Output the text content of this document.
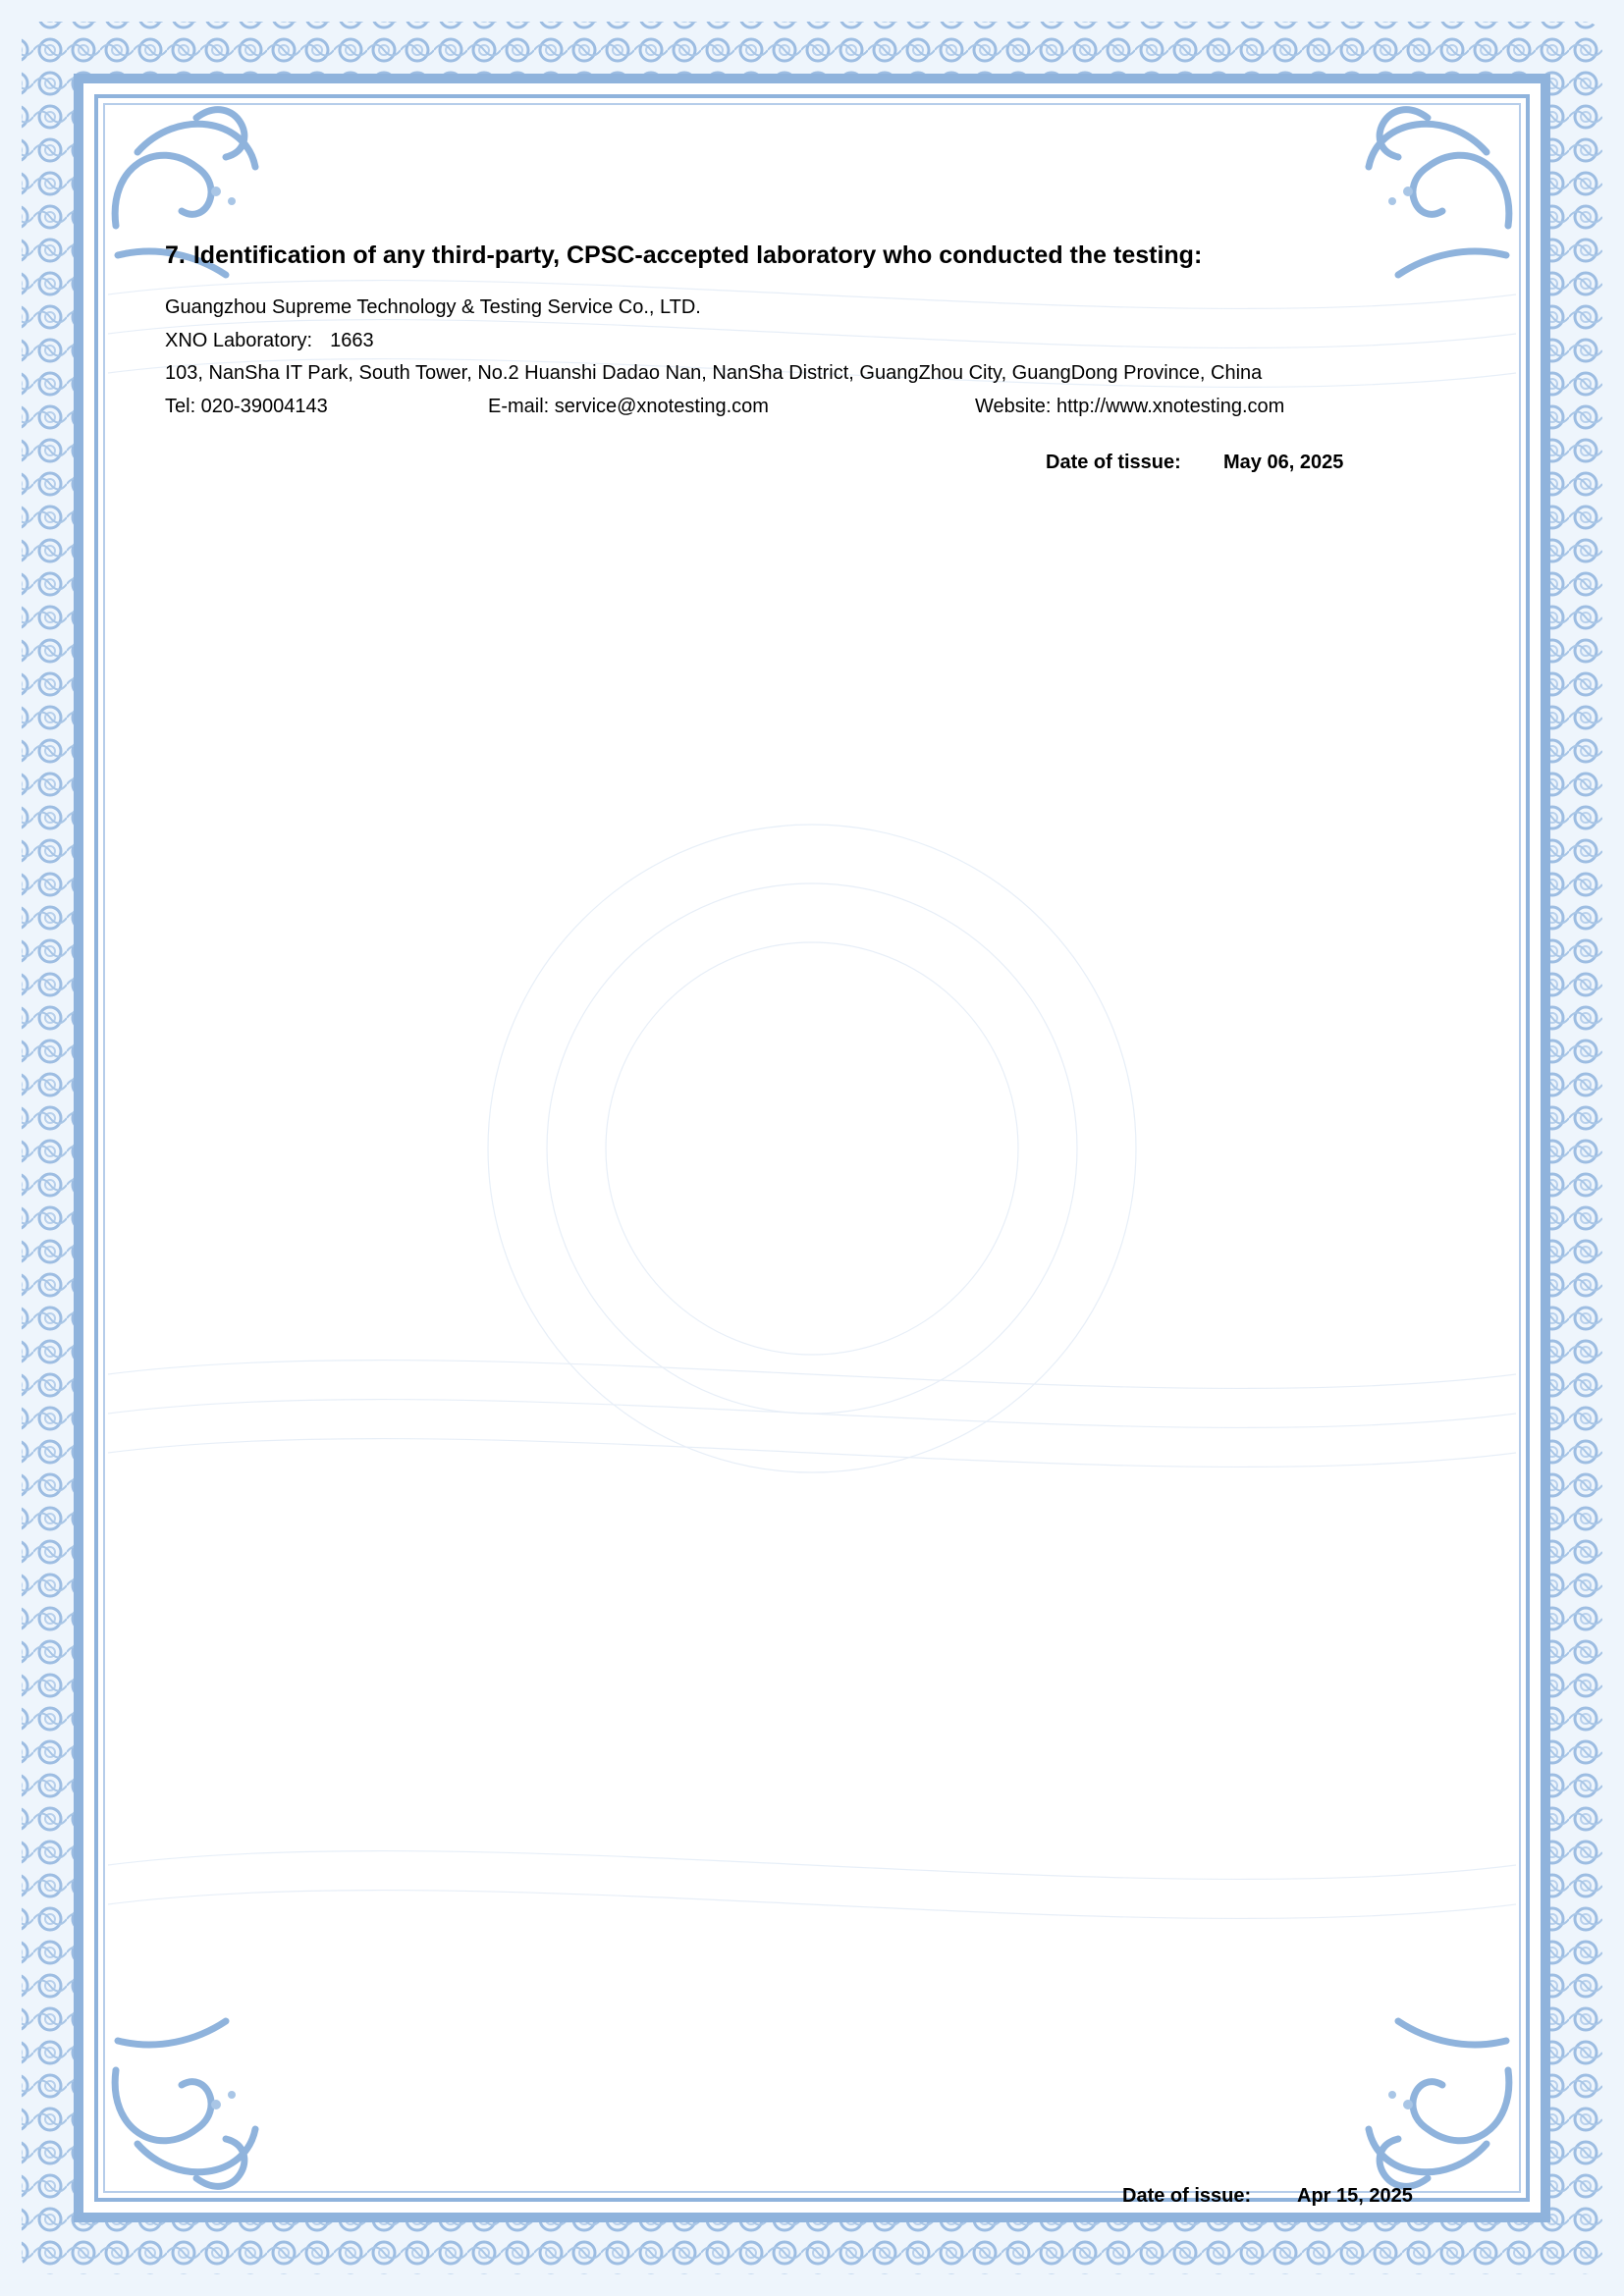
7. Identification of any third-party, CPSC-accepted laboratory who conducted the testing:
Guangzhou Supreme Technology & Testing Service Co., LTD.
XNO Laboratory: 1663
103, NanSha IT Park, South Tower, No.2 Huanshi Dadao Nan, NanSha District, GuangZhou City, GuangDong Province, China
Tel: 020-39004143	E-mail: service@xnotesting.com	Website: http://www.xnotesting.com
Date of tissue: May 06, 2025
Date of issue: Apr 15, 2025
